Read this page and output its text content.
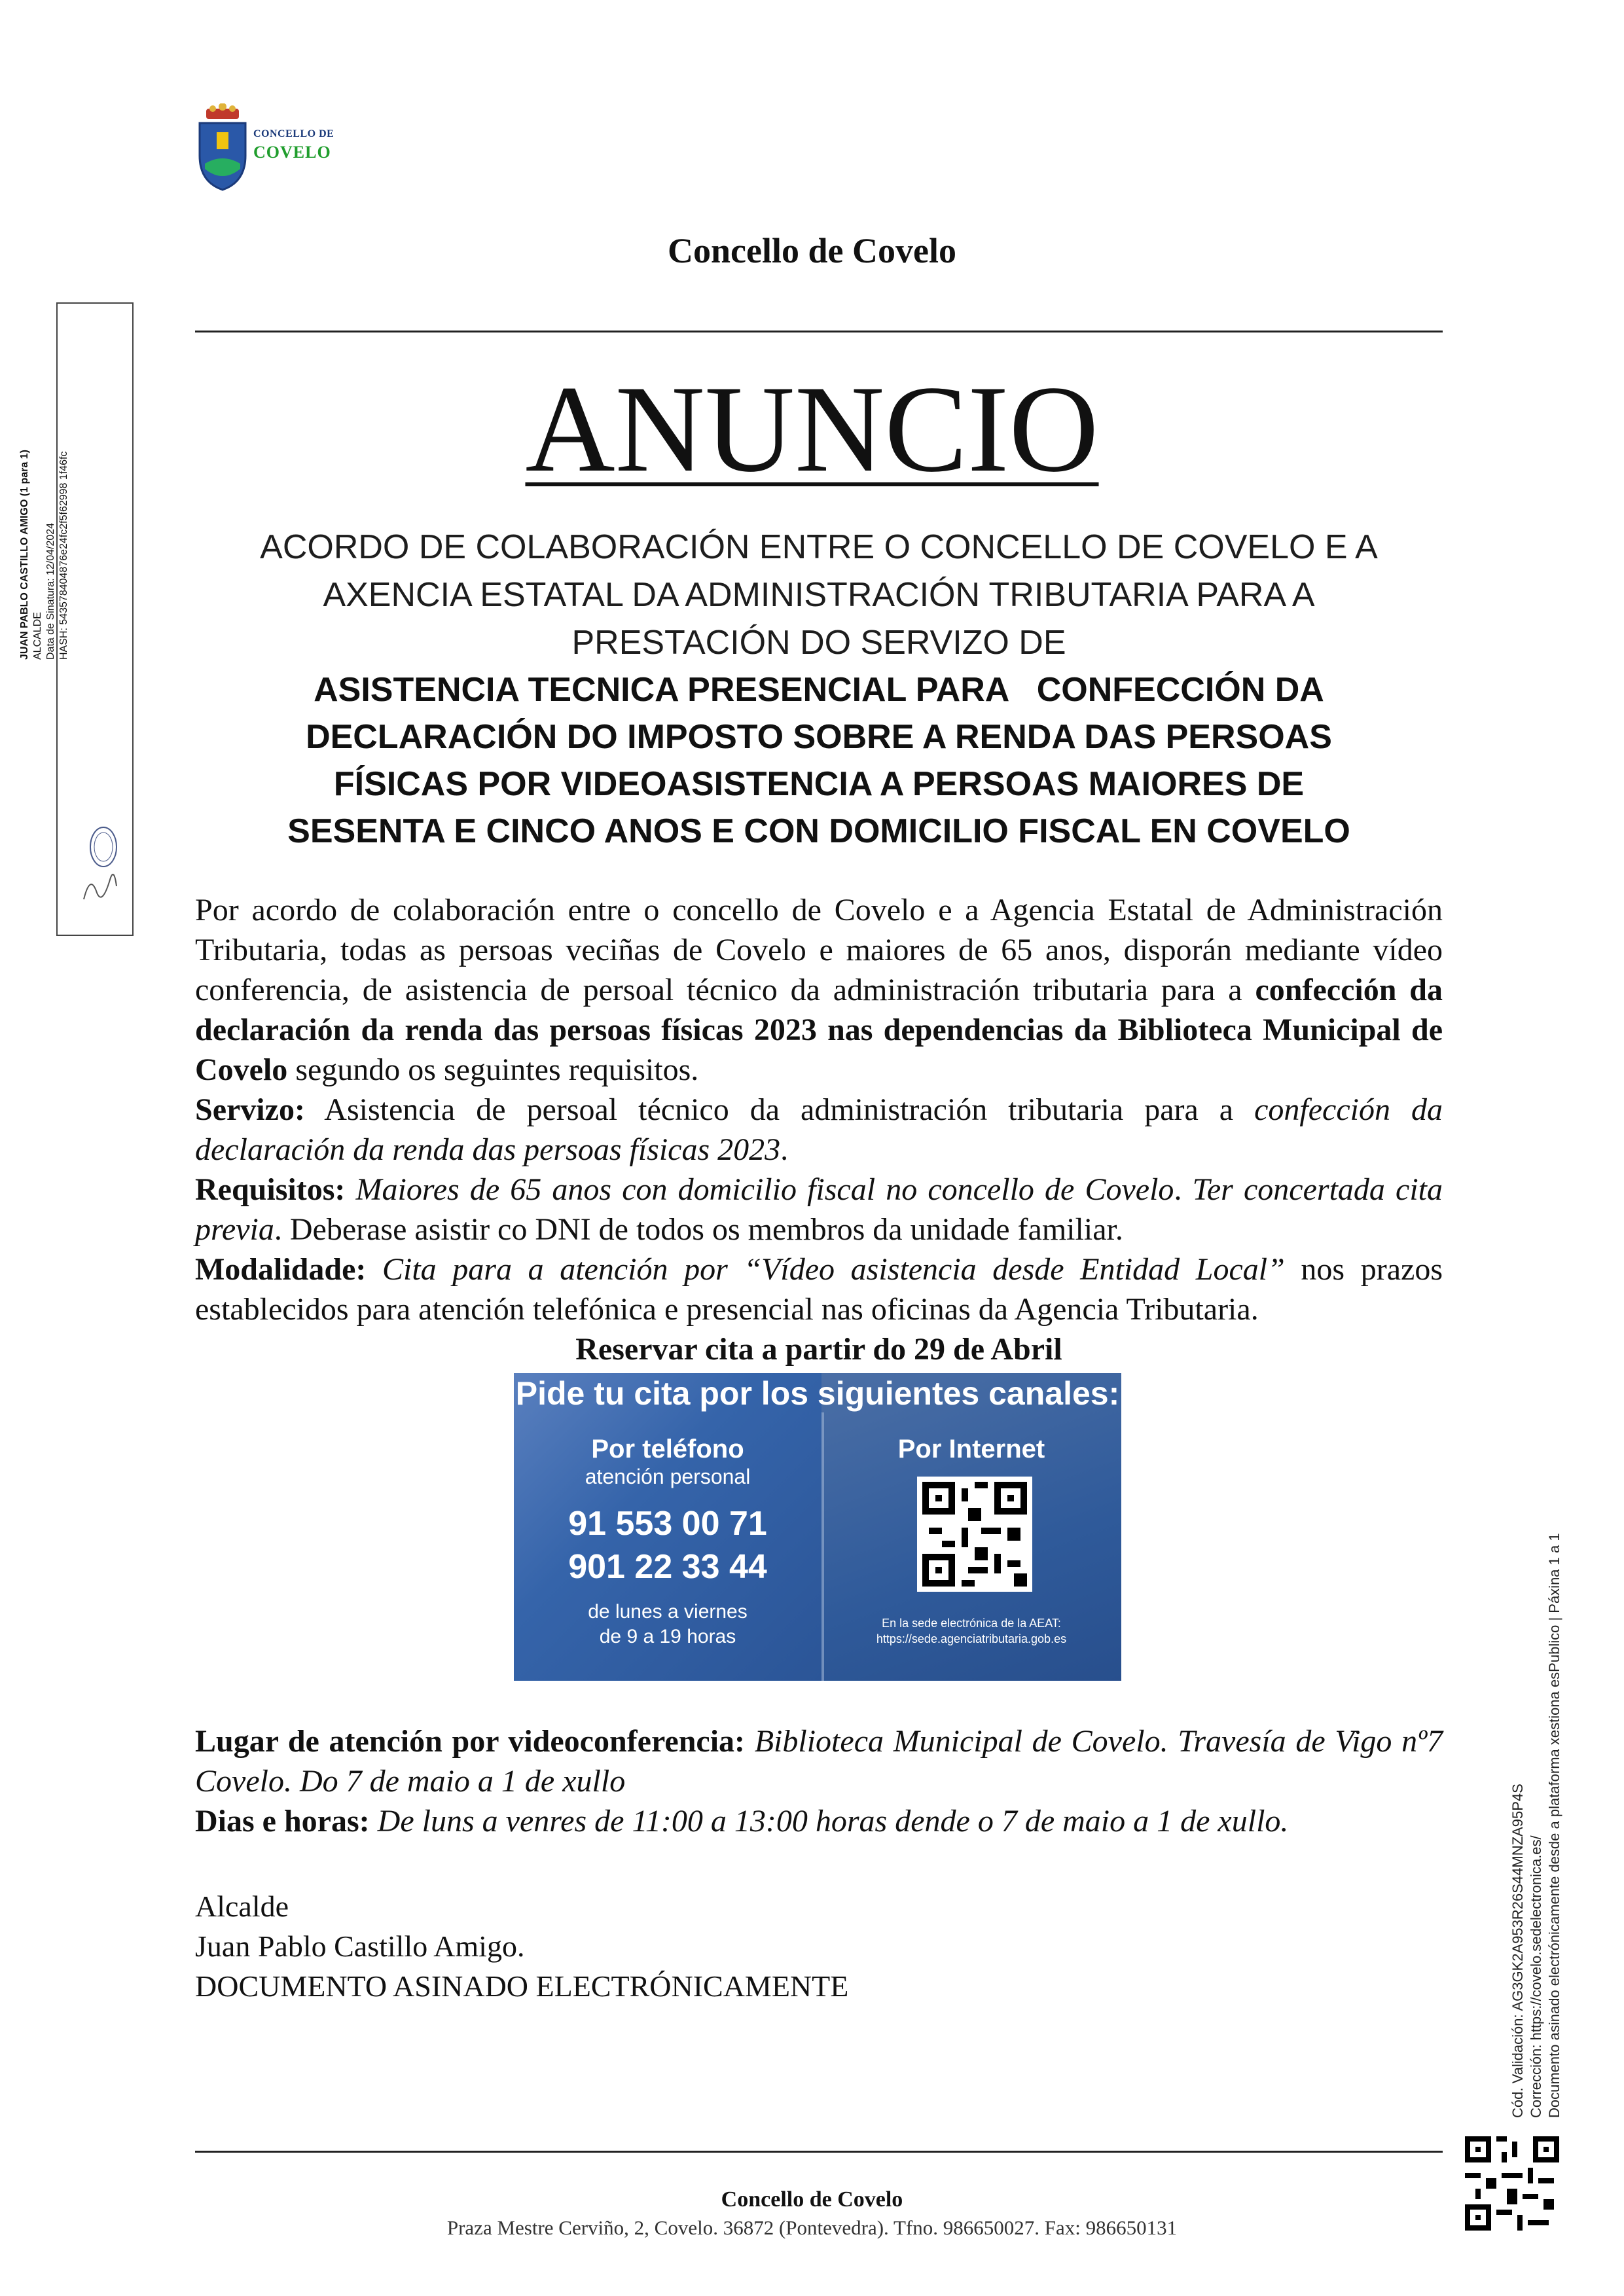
CONCELLO DE
COVELO
Concello de Covelo
ANUNCIO
ACORDO DE COLABORACIÓN ENTRE O CONCELLO DE COVELO E A
AXENCIA ESTATAL DA ADMINISTRACIÓN TRIBUTARIA PARA A
PRESTACIÓN DO SERVIZO DE
ASISTENCIA TECNICA PRESENCIAL PARA   CONFECCIÓN DA
DECLARACIÓN DO IMPOSTO SOBRE A RENDA DAS PERSOAS
FÍSICAS POR VIDEOASISTENCIA A PERSOAS MAIORES DE
SESENTA E CINCO ANOS E CON DOMICILIO FISCAL EN COVELO

Por acordo de colaboración entre o concello de Covelo e a Agencia Estatal de Administración Tributaria, todas as persoas veciñas de Covelo e maiores de 65 anos, disporán mediante vídeo conferencia, de asistencia de persoal técnico da administración tributaria para a confección da declaración da renda das persoas físicas 2023 nas dependencias da Biblioteca Municipal de Covelo segundo os seguintes requisitos.

Servizo: Asistencia de persoal técnico da administración tributaria para a confección da declaración da renda das persoas físicas 2023.

Requisitos: Maiores de 65 anos con domicilio fiscal no concello de Covelo. Ter concertada cita previa. Deberase asistir co DNI de todos os membros da unidade familiar.

Modalidade: Cita para a atención por “Vídeo asistencia desde Entidad Local” nos prazos establecidos para atención telefónica e presencial nas oficinas da Agencia Tributaria.

Reservar cita a partir do 29 de Abril

Pide tu cita por los siguientes canales:
Por teléfono
atención personal
91 553 00 71
901 22 33 44
de lunes a viernes
de 9 a 19 horas
Por Internet
En la sede electrónica de la AEAT:
https://sede.agenciatributaria.gob.es

Lugar de atención por videoconferencia: Biblioteca Municipal de Covelo. Travesía de Vigo nº7 Covelo. Do 7 de maio a 1 de xullo

Dias e horas: De luns a venres de 11:00 a 13:00 horas dende o 7 de maio a 1 de xullo.

Alcalde

Juan Pablo Castillo Amigo.

DOCUMENTO ASINADO ELECTRÓNICAMENTE

Concello de Covelo
Praza Mestre Cerviño, 2, Covelo. 36872 (Pontevedra). Tfno. 986650027. Fax: 986650131
JUAN PABLO CASTILLO AMIGO (1 para 1) ALCALDE Data de Sinatura: 12/04/2024 HASH: 543578404876e24fc2f5f62998 1f46fc
Cód. Validación: AG3GK2A953R26S44MNZA95P4S Corrección: https://covelo.sedelectronica.es/ Documento asinado electrónicamente desde a plataforma xestiona esPublico | Páxina 1 a 1
